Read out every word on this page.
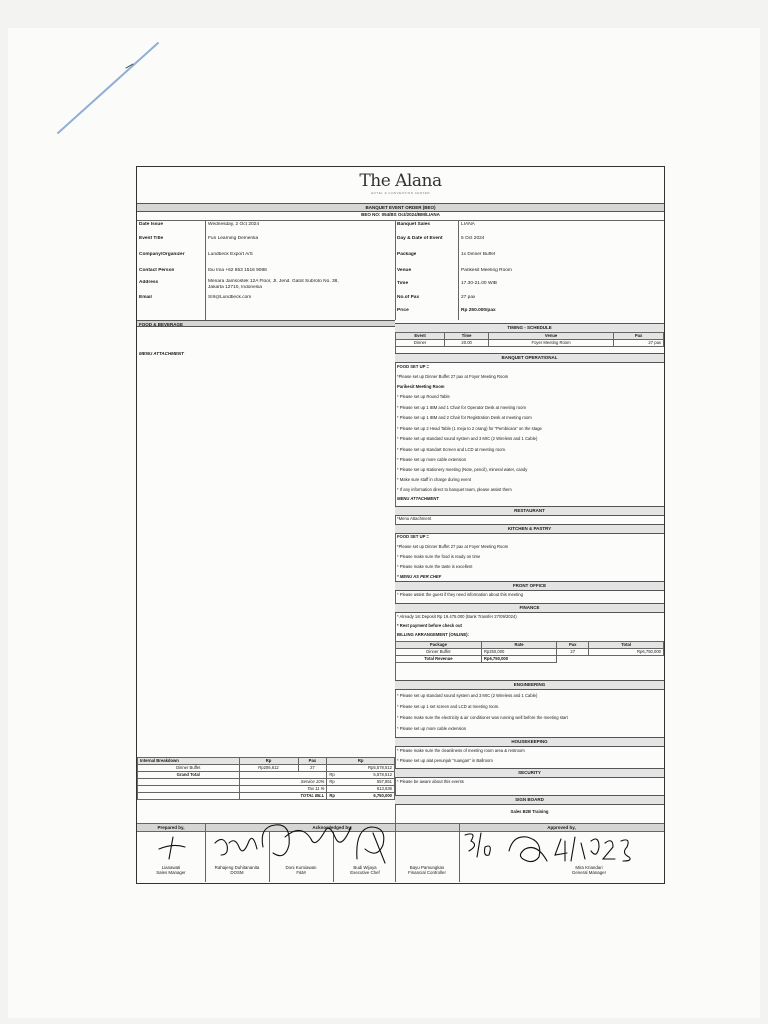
The Alana
HOTEL & CONVENTION CENTER
BANQUET EVENT ORDER (BEO)
BEO NO: 054/BS Oct/2024/BM/LIANA
Date Issue	Wednesday, 2 Oct 2024
Event Title	Fun Learning Dementia
Company/Organizer	Lundbeck Export A/S
Contact Person	Ibu Ima +62 853 1516 9088
Address	Menara Jamsostek 12A Floor, Jl. Jend. Gatot Subroto No. 38,
Jakarta 12710, Indonesia
Email	SIII@Lundbeck.com
Banquet Sales	LIANA
Day & Date of Event	5 Oct 2024
Package	1x Dinner Buffet
Venue	Parikesit Meeting Room
Time	17.30-21.00 WIB
No.of Pax	27 pax
Price	Rp 250.000/pax
FOOD & BEVERAGE
MENU ATTACHMENT
TIMING - SCHEDULE
Event	Time	Venue	Pax
Dinner	20.00	Foyer Meeting Room	27 pax
BANQUET OPERATIONAL
FOOD SET UP =
*Please set up Dinner Buffet 27 pax at Foyer Meeting Room
Parikesit Meeting Room
* Please set up Round Table
* Please set up 1 IBM and 1 Chair for Operator Desk at meeting room
* Please set up 1 IBM and 2 Chair for Registration Desk at meeting room
* Please set up 2 Head Table (1 meja to 2 orang) for "Pembicara" on the stage
* Please set up standard sound system and 3 MIC (2 Wireless and 1 Cable)
* Please set up standart Screen and LCD at meeting room.
* Please set up more cable extension
* Please set up stationery meeting (Note, pencil), mineral water, candy
* Make sure staff in charge during event
* If any information direct to banquet team, please assist them
MENU ATTACHMENT
RESTAURANT
*Menu Attachment
KITCHEN & PASTRY
FOOD SET UP =
*Please set up Dinner Buffet 27 pax at Foyer Meeting Room
* Please make sure the food is ready on time
* Please make sure the taste is excellent
* MENU AS PER CHEF
FRONT OFFICE
* Please assist the guest if they need information about this meeting
FINANCE
* Already 1st Deposit Rp 19.475.000 (Bank Transfer 27/09/2024)
* Rest payment before check out
BILLING ARRANGEMENT (ONLINE):
Package	Rate	Pax	Total
Dinner Buffet	Rp250,000	27	Rp6,750,000
Total Revenue	Rp6,750,000		
ENGINEERING
* Please set up standard sound system and 3 MIC (2 Wireless and 1 Cable)
* Please set up 1 set screen and LCD at meeting room.
* Please make sure the electricity & air conditioner was running well before the meeting start
* Please set up more cable extension
HOUSEKEEPING
* Please make sure the cleanliness of meeting room area & restroom
* Please set up alat penunjuk "ruangan" in Ballroom
SECURITY
* Please be aware about this events
SIGN BOARD
Sales B2B Training
Internal Breakdown	Rp	Pax	Rp
Dinner Buffet	Rp206,612	27	Rp5,578,512
Grand Total			Rp 5,578,512
	Service 10%		Rp 557,851
	Tax 11 %		613,636
	TOTAL BILL		Rp 6,750,000
Prepared by,	Acknowledged by,	Approved by,
Lianawati
Sales Manager
Rahajeng Duhitananita
DOSM
Doni Kurniawan
F&M
Budi Wijaya
Executive Chef
Bayu Pamungkas
Financial Controller
Mira Kriandari
General Manager
